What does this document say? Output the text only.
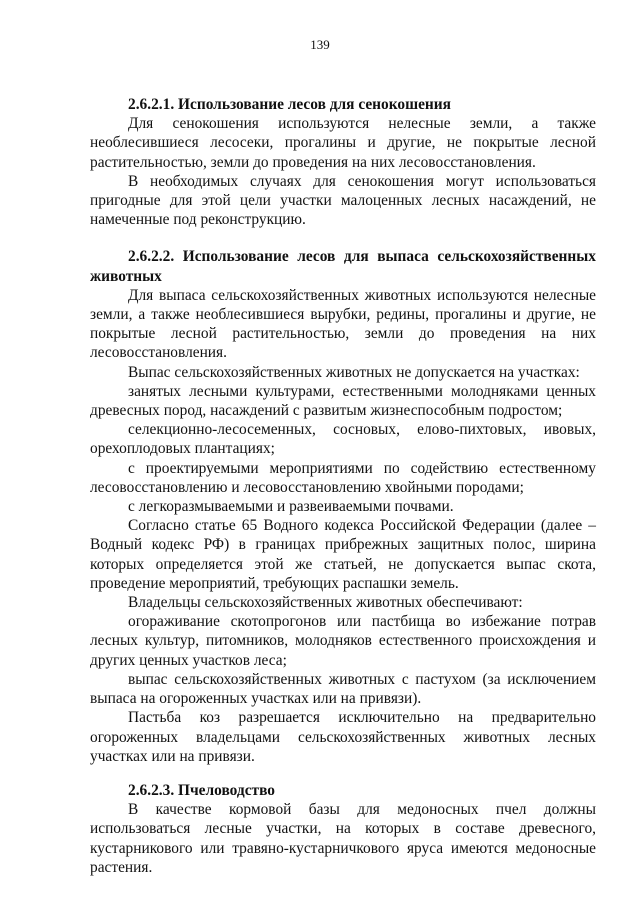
139

2.6.2.1. Использование лесов для сенокошения

Для сенокошения используются нелесные земли, а также необлесившиеся лесосеки, прогалины и другие, не покрытые лесной растительностью, земли до проведения на них лесовосстановления.

В необходимых случаях для сенокошения могут использоваться пригодные для этой цели участки малоценных лесных насаждений, не намеченные под реконструкцию.

2.6.2.2. Использование лесов для выпаса сельскохозяйственных животных

Для выпаса сельскохозяйственных животных используются нелесные земли, а также необлесившиеся вырубки, редины, прогалины и другие, не покрытые лесной растительностью, земли до проведения на них лесовосстановления.

Выпас сельскохозяйственных животных не допускается на участках:

занятых лесными культурами, естественными молодняками ценных древесных пород, насаждений с развитым жизнеспособным подростом;

селекционно-лесосеменных, сосновых, елово-пихтовых, ивовых, орехоплодовых плантациях;

с проектируемыми мероприятиями по содействию естественному лесовосстановлению и лесовосстановлению хвойными породами;

с легкоразмываемыми и развеиваемыми почвами.

Согласно статье 65 Водного кодекса Российской Федерации (далее – Водный кодекс РФ) в границах прибрежных защитных полос, ширина которых определяется этой же статьей, не допускается выпас скота, проведение мероприятий, требующих распашки земель.

Владельцы сельскохозяйственных животных обеспечивают:

огораживание скотопрогонов или пастбища во избежание потрав лесных культур, питомников, молодняков естественного происхождения и других ценных участков леса;

выпас сельскохозяйственных животных с пастухом (за исключением выпаса на огороженных участках или на привязи).

Пастьба коз разрешается исключительно на предварительно огороженных владельцами сельскохозяйственных животных лесных участках или на привязи.

2.6.2.3. Пчеловодство

В качестве кормовой базы для медоносных пчел должны использоваться лесные участки, на которых в составе древесного, кустарникового или травяно-кустарничкового яруса имеются медоносные растения.
